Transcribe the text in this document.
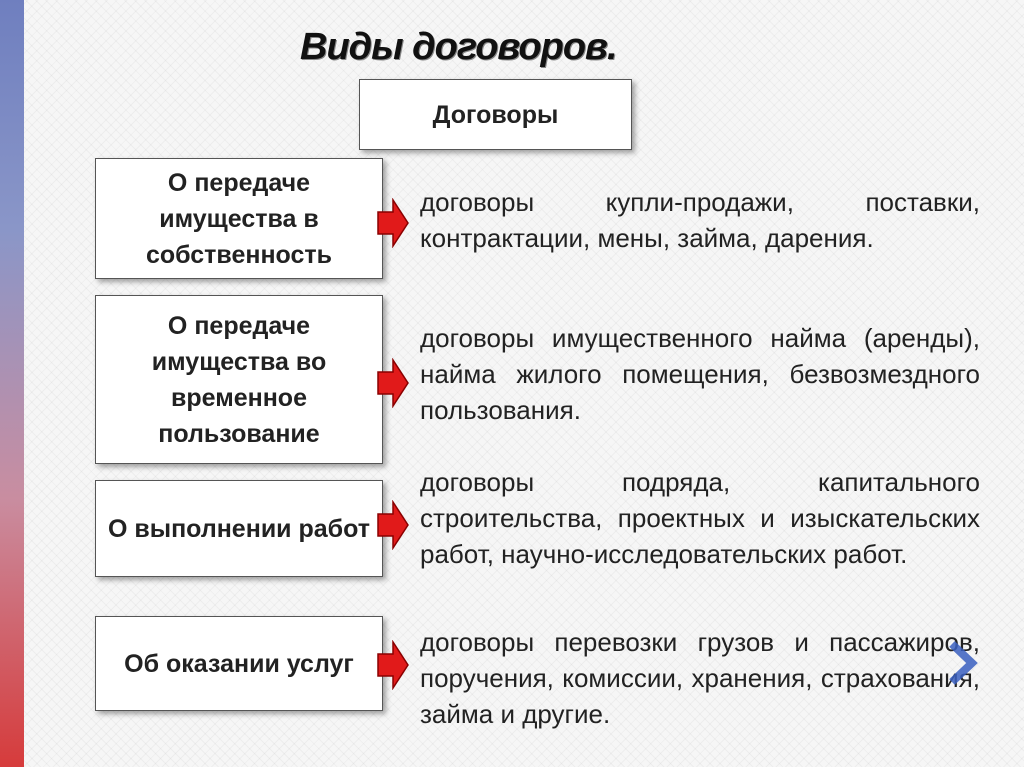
Виды договоров.
Договоры
О передаче имущества в собственность
договоры купли-продажи, поставки, контрактации, мены, займа, дарения.
О передаче имущества во временное пользование
договоры имущественного найма (аренды), найма жилого помещения, безвозмездного пользования.
О выполнении работ
договоры подряда, капитального строительства, проектных и изыскательских работ, научно-исследовательских работ.
Об оказании услуг
договоры перевозки грузов и пассажиров, поручения, комиссии, хранения, страхования, займа и другие.
